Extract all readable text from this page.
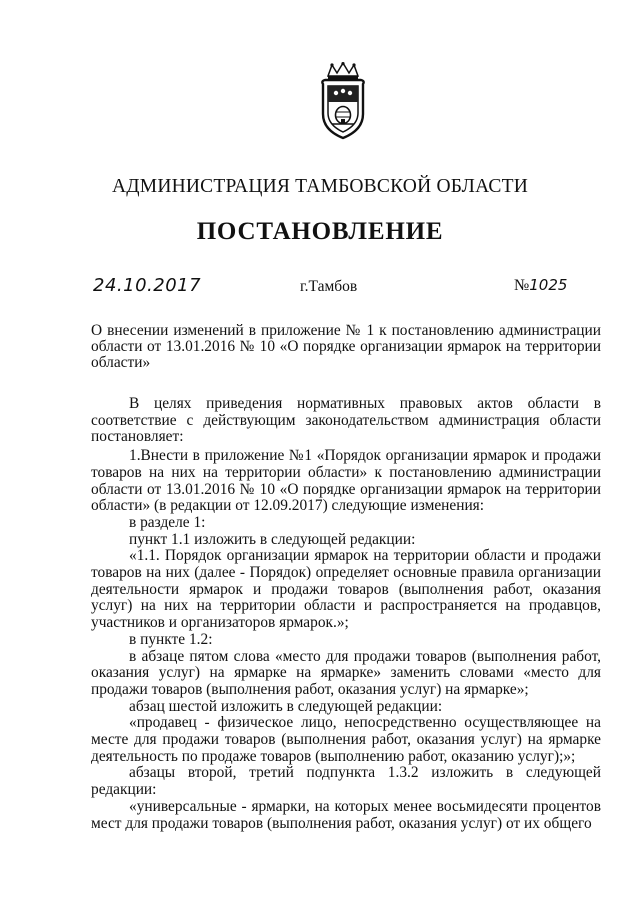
АДМИНИСТРАЦИЯ ТАМБОВСКОЙ ОБЛАСТИ
ПОСТАНОВЛЕНИЕ
24.10.2017	г.Тамбов	№1025

О внесении изменений в приложение № 1 к постановлению администрации области от 13.01.2016 № 10 «О порядке организации ярмарок на территории области»

В целях приведения нормативных правовых актов области в соответствие с действующим законодательством администрация области постановляет:

1.Внести в приложение №1 «Порядок организации ярмарок и продажи товаров на них на территории области» к постановлению администрации области от 13.01.2016 № 10 «О порядке организации ярмарок на территории области» (в редакции от 12.09.2017) следующие изменения:

в разделе 1:

пункт 1.1 изложить в следующей редакции:

«1.1. Порядок организации ярмарок на территории области и продажи товаров на них (далее - Порядок) определяет основные правила организации деятельности ярмарок и продажи товаров (выполнения работ, оказания услуг) на них на территории области и распространяется на продавцов, участников и организаторов ярмарок.»;

в пункте 1.2:

в абзаце пятом слова «место для продажи товаров (выполнения работ, оказания услуг) на ярмарке на ярмарке» заменить словами «место для продажи товаров (выполнения работ, оказания услуг) на ярмарке»;

абзац шестой изложить в следующей редакции:

«продавец - физическое лицо, непосредственно осуществляющее на месте для продажи товаров (выполнения работ, оказания услуг) на ярмарке деятельность по продаже товаров (выполнению работ, оказанию услуг);»;

абзацы второй, третий подпункта 1.3.2 изложить в следующей редакции:

«универсальные - ярмарки, на которых менее восьмидесяти процентов мест для продажи товаров (выполнения работ, оказания услуг) от их общего
